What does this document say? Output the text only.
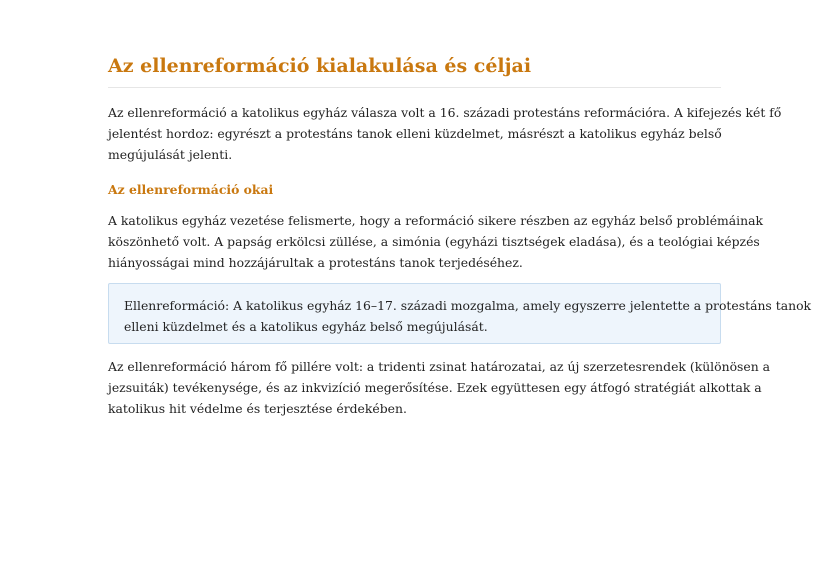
Az ellenreformáció kialakulása és céljai

Az ellenreformáció a katolikus egyház válasza volt a 16. századi protestáns reformációra. A kifejezés két fő
jelentést hordoz: egyrészt a protestáns tanok elleni küzdelmet, másrészt a katolikus egyház belső
megújulását jelenti.

Az ellenreformáció okai

A katolikus egyház vezetése felismerte, hogy a reformáció sikere részben az egyház belső problémáinak
köszönhető volt. A papság erkölcsi züllése, a simónia (egyházi tisztségek eladása), és a teológiai képzés
hiányosságai mind hozzájárultak a protestáns tanok terjedéséhez.

Ellenreformáció: A katolikus egyház 16–17. századi mozgalma, amely egyszerre jelentette a protestáns tanok
elleni küzdelmet és a katolikus egyház belső megújulását.

Az ellenreformáció három fő pillére volt: a tridenti zsinat határozatai, az új szerzetesrendek (különösen a
jezsuiták) tevékenysége, és az inkvizíció megerősítése. Ezek együttesen egy átfogó stratégiát alkottak a
katolikus hit védelme és terjesztése érdekében.
